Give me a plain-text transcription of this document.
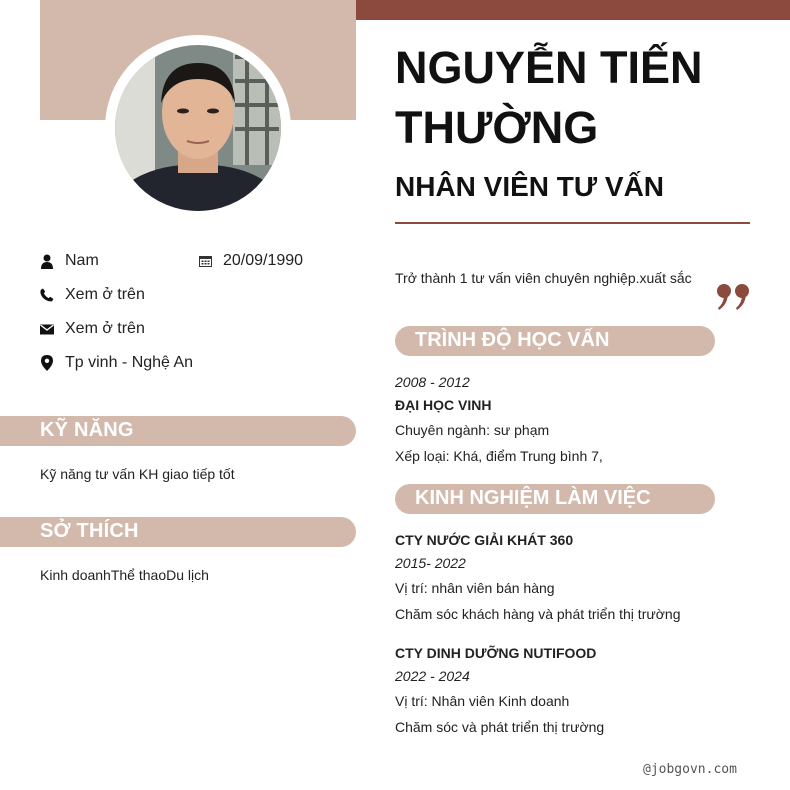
Nam	20/09/1990
Xem ở trên
Xem ở trên
Tp vinh - Nghệ An
KỸ NĂNG
Kỹ năng tư vấn KH giao tiếp tốt
SỞ THÍCH
Kinh doanhThể thaoDu lịch
NGUYỄN TIẾN THƯỜNG
NHÂN VIÊN TƯ VẤN
Trở thành 1 tư vấn viên chuyên nghiệp.xuất sắc
TRÌNH ĐỘ HỌC VẤN
2008 - 2012
ĐẠI HỌC VINH
Chuyên ngành: sư phạm
Xếp loại: Khá, điểm Trung bình 7,
KINH NGHIỆM LÀM VIỆC
CTY NƯỚC GIẢI KHÁT 360
2015- 2022
Vị trí: nhân viên bán hàng
Chăm sóc khách hàng và phát triển thị trường
CTY DINH DƯỠNG NUTIFOOD
2022 - 2024
Vị trí: Nhân viên Kinh doanh
Chăm sóc và phát triển thị trường
@jobgovn.com
